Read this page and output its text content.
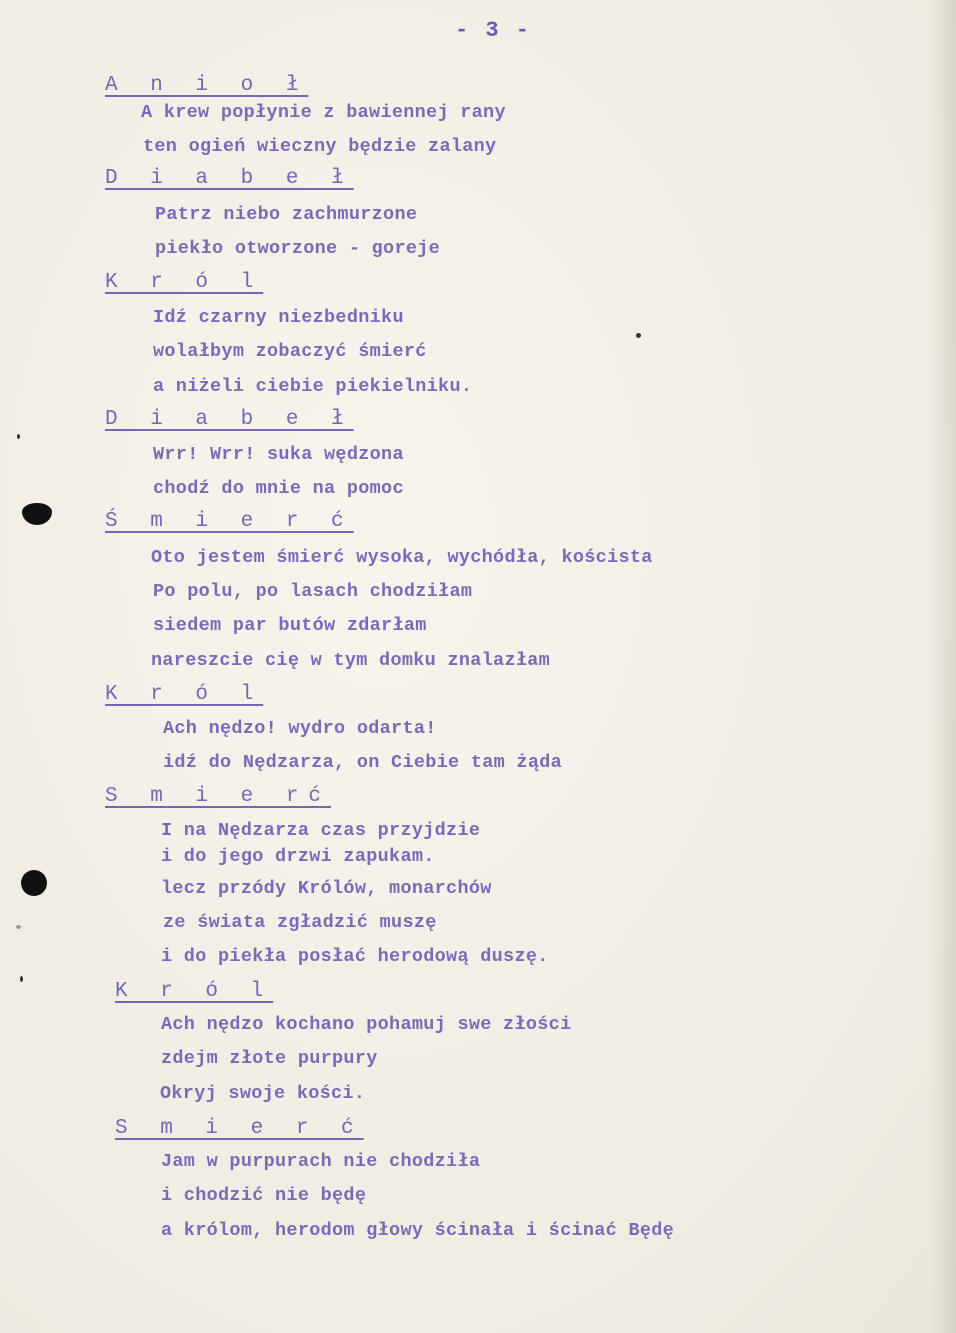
- 3 -
A n i o ł
A krew popłynie z bawiennej rany
ten ogień wieczny będzie zalany
D i a b e ł
Patrz niebo zachmurzone
piekło otworzone - goreje
K r ó l
Idź czarny niezbedniku
wolałbym zobaczyć śmierć
a niżeli ciebie piekielniku.
D i a b e ł
Wrr! Wrr! suka wędzona
chodź do mnie na pomoc
Ś m i e r ć
Oto jestem śmierć wysoka, wychódła, koścista
Po polu, po lasach chodziłam
siedem par butów zdarłam
nareszcie cię w tym domku znalazłam
K r ó l
Ach nędzo! wydro odarta!
idź do Nędzarza, on Ciebie tam żąda
S m i e rć
I na Nędzarza czas przyjdzie
i do jego drzwi zapukam.
lecz przódy Królów, monarchów
ze świata zgładzić muszę
i do piekła posłać herodową duszę.
K r ó l
Ach nędzo kochano pohamuj swe złości
zdejm złote purpury
Okryj swoje kości.
S m i e r ć
Jam w purpurach nie chodziła
i chodzić nie będę
a królom, herodom głowy ścinała i ścinać Będę
